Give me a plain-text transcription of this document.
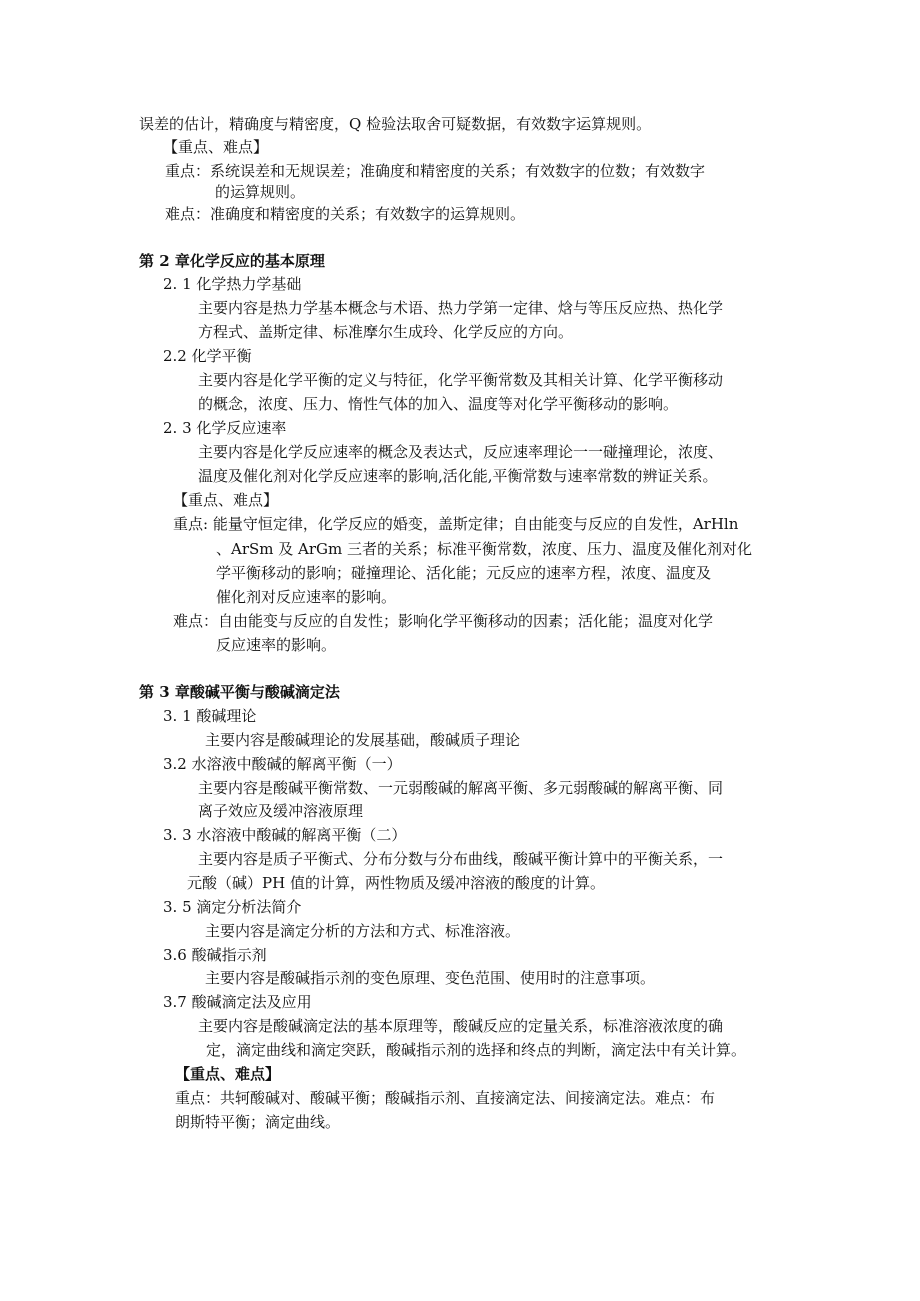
误差的估计，精确度与精密度，Q 检验法取舍可疑数据，有效数字运算规则。
【重点、难点】
重点：系统误差和无规误差；准确度和精密度的关系；有效数字的位数；有效数字
的运算规则。
难点：准确度和精密度的关系；有效数字的运算规则。
第 2 章化学反应的基本原理
2. 1 化学热力学基础
主要内容是热力学基本概念与术语、热力学第一定律、焓与等压反应热、热化学
方程式、盖斯定律、标准摩尔生成玲、化学反应的方向。
2.2 化学平衡
主要内容是化学平衡的定义与特征，化学平衡常数及其相关计算、化学平衡移动
的概念，浓度、压力、惰性气体的加入、温度等对化学平衡移动的影响。
2. 3 化学反应速率
主要内容是化学反应速率的概念及表达式，反应速率理论一一碰撞理论，浓度、
温度及催化剂对化学反应速率的影响,活化能,平衡常数与速率常数的辨证关系。
【重点、难点】
重点: 能量守恒定律，化学反应的婚变，盖斯定律；自由能变与反应的自发性，ArHln
、ArSm 及 ArGm 三者的关系；标准平衡常数，浓度、压力、温度及催化剂对化
学平衡移动的影响；碰撞理论、活化能；元反应的速率方程，浓度、温度及
催化剂对反应速率的影响。
难点：自由能变与反应的自发性；影响化学平衡移动的因素；活化能；温度对化学
反应速率的影响。
第 3 章酸碱平衡与酸碱滴定法
3. 1 酸碱理论
主要内容是酸碱理论的发展基础，酸碱质子理论
3.2 水溶液中酸碱的解离平衡（一）
主要内容是酸碱平衡常数、一元弱酸碱的解离平衡、多元弱酸碱的解离平衡、同
离子效应及缓冲溶液原理
3. 3 水溶液中酸碱的解离平衡（二）
主要内容是质子平衡式、分布分数与分布曲线，酸碱平衡计算中的平衡关系，一
元酸（碱）PH 值的计算，两性物质及缓冲溶液的酸度的计算。
3. 5 滴定分析法简介
主要内容是滴定分析的方法和方式、标准溶液。
3.6 酸碱指示剂
主要内容是酸碱指示剂的变色原理、变色范围、使用时的注意事项。
3.7 酸碱滴定法及应用
主要内容是酸碱滴定法的基本原理等，酸碱反应的定量关系，标准溶液浓度的确
定，滴定曲线和滴定突跃，酸碱指示剂的选择和终点的判断，滴定法中有关计算。
【重点、难点】
重点：共轲酸碱对、酸碱平衡；酸碱指示剂、直接滴定法、间接滴定法。难点：布
朗斯特平衡；滴定曲线。
